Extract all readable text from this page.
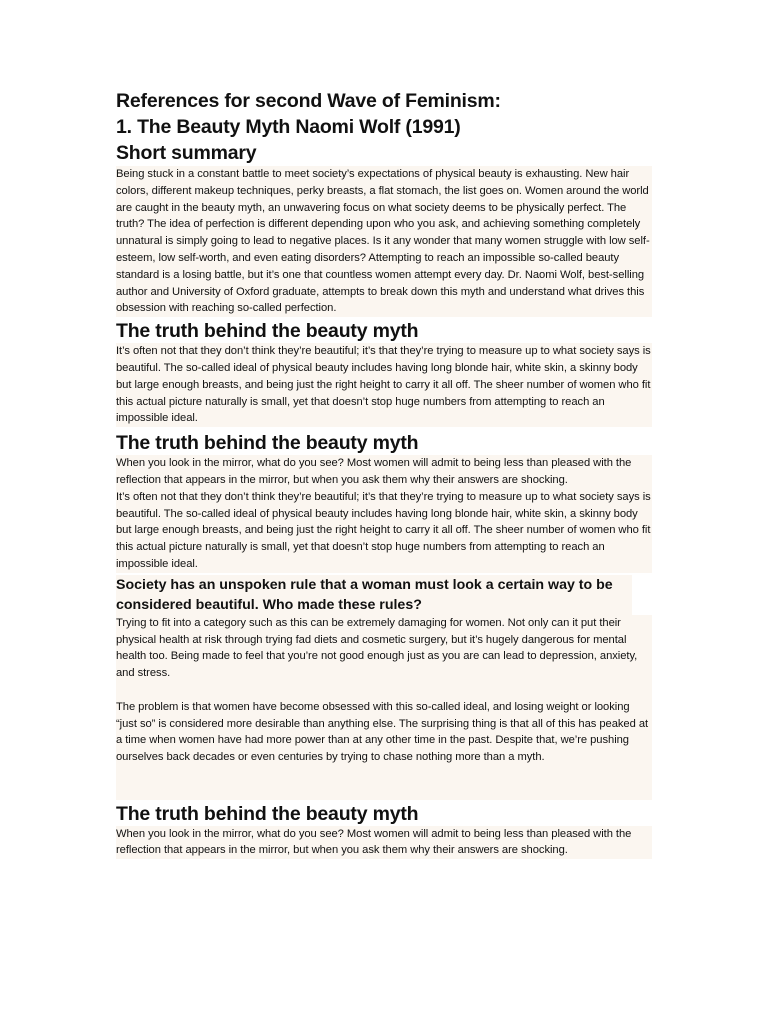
References for second Wave of Feminism:
1. The Beauty Myth Naomi Wolf (1991)
Short summary

Being stuck in a constant battle to meet society’s expectations of physical beauty is exhausting. New hair colors, different makeup techniques, perky breasts, a flat stomach, the list goes on. Women around the world are caught in the beauty myth, an unwavering focus on what society deems to be physically perfect. The truth? The idea of perfection is different depending upon who you ask, and achieving something completely unnatural is simply going to lead to negative places. Is it any wonder that many women struggle with low self-esteem, low self-worth, and even eating disorders? Attempting to reach an impossible so-called beauty standard is a losing battle, but it’s one that countless women attempt every day. Dr. Naomi Wolf, best-selling author and University of Oxford graduate, attempts to break down this myth and understand what drives this obsession with reaching so-called perfection.

The truth behind the beauty myth

It’s often not that they don’t think they’re beautiful; it’s that they’re trying to measure up to what society says is beautiful. The so-called ideal of physical beauty includes having long blonde hair, white skin, a skinny body but large enough breasts, and being just the right height to carry it all off. The sheer number of women who fit this actual picture naturally is small, yet that doesn’t stop huge numbers from attempting to reach an impossible ideal.

The truth behind the beauty myth

When you look in the mirror, what do you see? Most women will admit to being less than pleased with the reflection that appears in the mirror, but when you ask them why their answers are shocking.

It’s often not that they don’t think they’re beautiful; it’s that they’re trying to measure up to what society says is beautiful. The so-called ideal of physical beauty includes having long blonde hair, white skin, a skinny body but large enough breasts, and being just the right height to carry it all off. The sheer number of women who fit this actual picture naturally is small, yet that doesn’t stop huge numbers from attempting to reach an impossible ideal.

Society has an unspoken rule that a woman must look a certain way to be considered beautiful. Who made these rules?

Trying to fit into a category such as this can be extremely damaging for women. Not only can it put their physical health at risk through trying fad diets and cosmetic surgery, but it’s hugely dangerous for mental health too. Being made to feel that you’re not good enough just as you are can lead to depression, anxiety, and stress.

The problem is that women have become obsessed with this so-called ideal, and losing weight or looking “just so” is considered more desirable than anything else. The surprising thing is that all of this has peaked at a time when women have had more power than at any other time in the past. Despite that, we’re pushing ourselves back decades or even centuries by trying to chase nothing more than a myth.

The truth behind the beauty myth

When you look in the mirror, what do you see? Most women will admit to being less than pleased with the reflection that appears in the mirror, but when you ask them why their answers are shocking.
